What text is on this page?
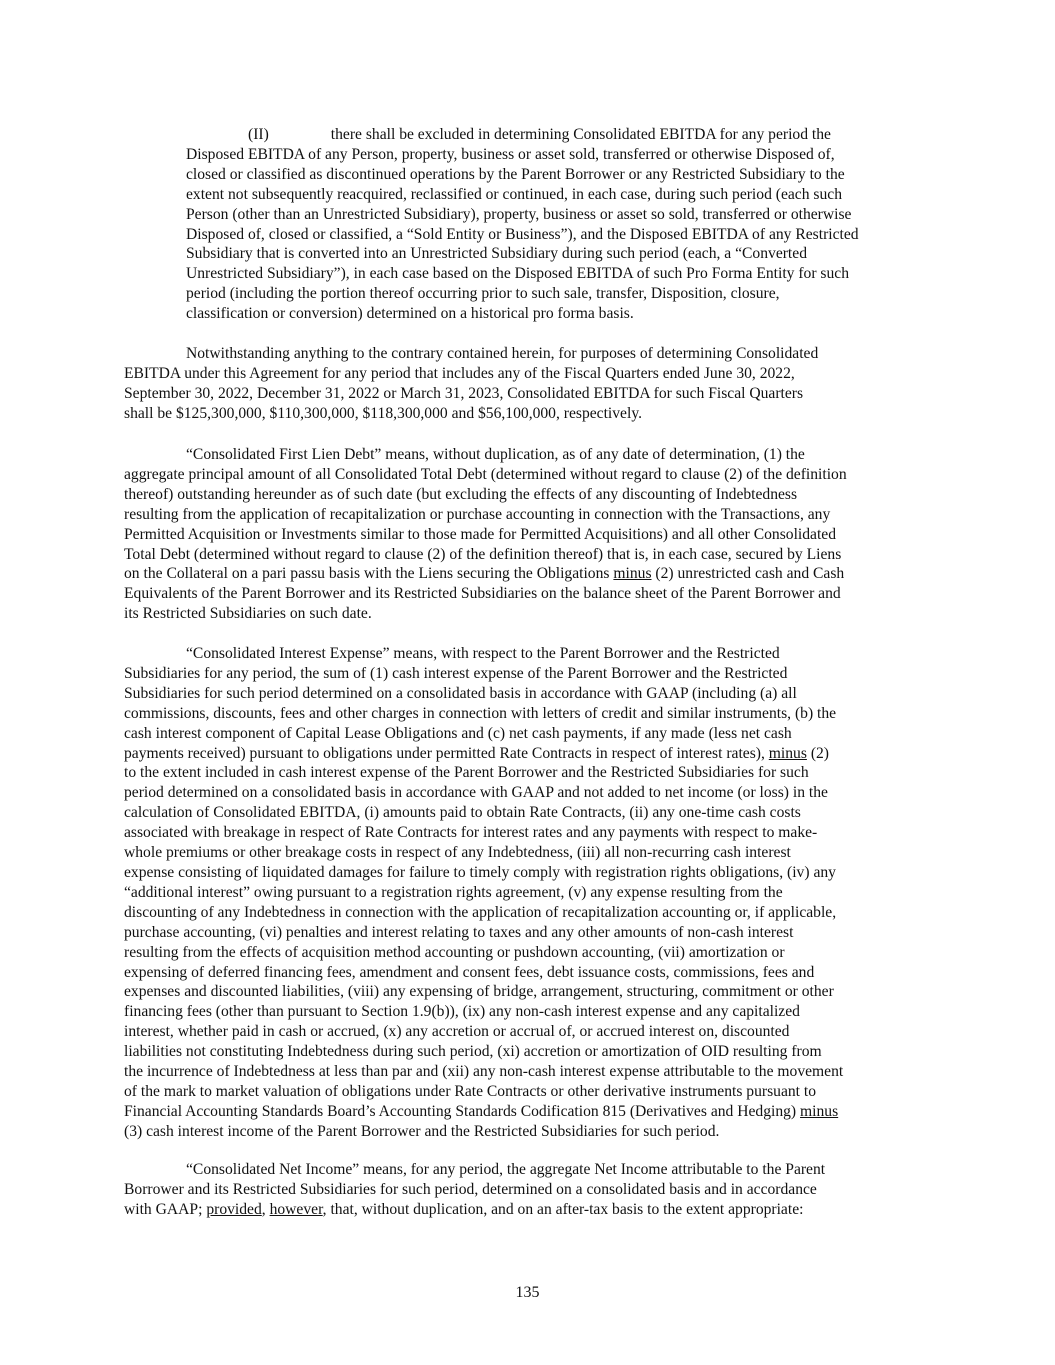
(II)	there shall be excluded in determining Consolidated EBITDA for any period the
Disposed EBITDA of any Person, property, business or asset sold, transferred or otherwise Disposed of,
closed or classified as discontinued operations by the Parent Borrower or any Restricted Subsidiary to the
extent not subsequently reacquired, reclassified or continued, in each case, during such period (each such
Person (other than an Unrestricted Subsidiary), property, business or asset so sold, transferred or otherwise
Disposed of, closed or classified, a “Sold Entity or Business”), and the Disposed EBITDA of any Restricted
Subsidiary that is converted into an Unrestricted Subsidiary during such period (each, a “Converted
Unrestricted Subsidiary”), in each case based on the Disposed EBITDA of such Pro Forma Entity for such
period (including the portion thereof occurring prior to such sale, transfer, Disposition, closure,
classification or conversion) determined on a historical pro forma basis.
Notwithstanding anything to the contrary contained herein, for purposes of determining Consolidated
EBITDA under this Agreement for any period that includes any of the Fiscal Quarters ended June 30, 2022,
September 30, 2022, December 31, 2022 or March 31, 2023, Consolidated EBITDA for such Fiscal Quarters
shall be $125,300,000, $110,300,000, $118,300,000 and $56,100,000, respectively.
“Consolidated First Lien Debt” means, without duplication, as of any date of determination, (1) the
aggregate principal amount of all Consolidated Total Debt (determined without regard to clause (2) of the definition
thereof) outstanding hereunder as of such date (but excluding the effects of any discounting of Indebtedness
resulting from the application of recapitalization or purchase accounting in connection with the Transactions, any
Permitted Acquisition or Investments similar to those made for Permitted Acquisitions) and all other Consolidated
Total Debt (determined without regard to clause (2) of the definition thereof) that is, in each case, secured by Liens
on the Collateral on a pari passu basis with the Liens securing the Obligations minus (2) unrestricted cash and Cash
Equivalents of the Parent Borrower and its Restricted Subsidiaries on the balance sheet of the Parent Borrower and
its Restricted Subsidiaries on such date.
“Consolidated Interest Expense” means, with respect to the Parent Borrower and the Restricted
Subsidiaries for any period, the sum of (1) cash interest expense of the Parent Borrower and the Restricted
Subsidiaries for such period determined on a consolidated basis in accordance with GAAP (including (a) all
commissions, discounts, fees and other charges in connection with letters of credit and similar instruments, (b) the
cash interest component of Capital Lease Obligations and (c) net cash payments, if any made (less net cash
payments received) pursuant to obligations under permitted Rate Contracts in respect of interest rates), minus (2)
to the extent included in cash interest expense of the Parent Borrower and the Restricted Subsidiaries for such
period determined on a consolidated basis in accordance with GAAP and not added to net income (or loss) in the
calculation of Consolidated EBITDA, (i) amounts paid to obtain Rate Contracts, (ii) any one-time cash costs
associated with breakage in respect of Rate Contracts for interest rates and any payments with respect to make-
whole premiums or other breakage costs in respect of any Indebtedness, (iii) all non-recurring cash interest
expense consisting of liquidated damages for failure to timely comply with registration rights obligations, (iv) any
“additional interest” owing pursuant to a registration rights agreement, (v) any expense resulting from the
discounting of any Indebtedness in connection with the application of recapitalization accounting or, if applicable,
purchase accounting, (vi) penalties and interest relating to taxes and any other amounts of non-cash interest
resulting from the effects of acquisition method accounting or pushdown accounting, (vii) amortization or
expensing of deferred financing fees, amendment and consent fees, debt issuance costs, commissions, fees and
expenses and discounted liabilities, (viii) any expensing of bridge, arrangement, structuring, commitment or other
financing fees (other than pursuant to Section 1.9(b)), (ix) any non-cash interest expense and any capitalized
interest, whether paid in cash or accrued, (x) any accretion or accrual of, or accrued interest on, discounted
liabilities not constituting Indebtedness during such period, (xi) accretion or amortization of OID resulting from
the incurrence of Indebtedness at less than par and (xii) any non-cash interest expense attributable to the movement
of the mark to market valuation of obligations under Rate Contracts or other derivative instruments pursuant to
Financial Accounting Standards Board’s Accounting Standards Codification 815 (Derivatives and Hedging) minus
(3) cash interest income of the Parent Borrower and the Restricted Subsidiaries for such period.
“Consolidated Net Income” means, for any period, the aggregate Net Income attributable to the Parent
Borrower and its Restricted Subsidiaries for such period, determined on a consolidated basis and in accordance
with GAAP; provided, however, that, without duplication, and on an after-tax basis to the extent appropriate:
135
